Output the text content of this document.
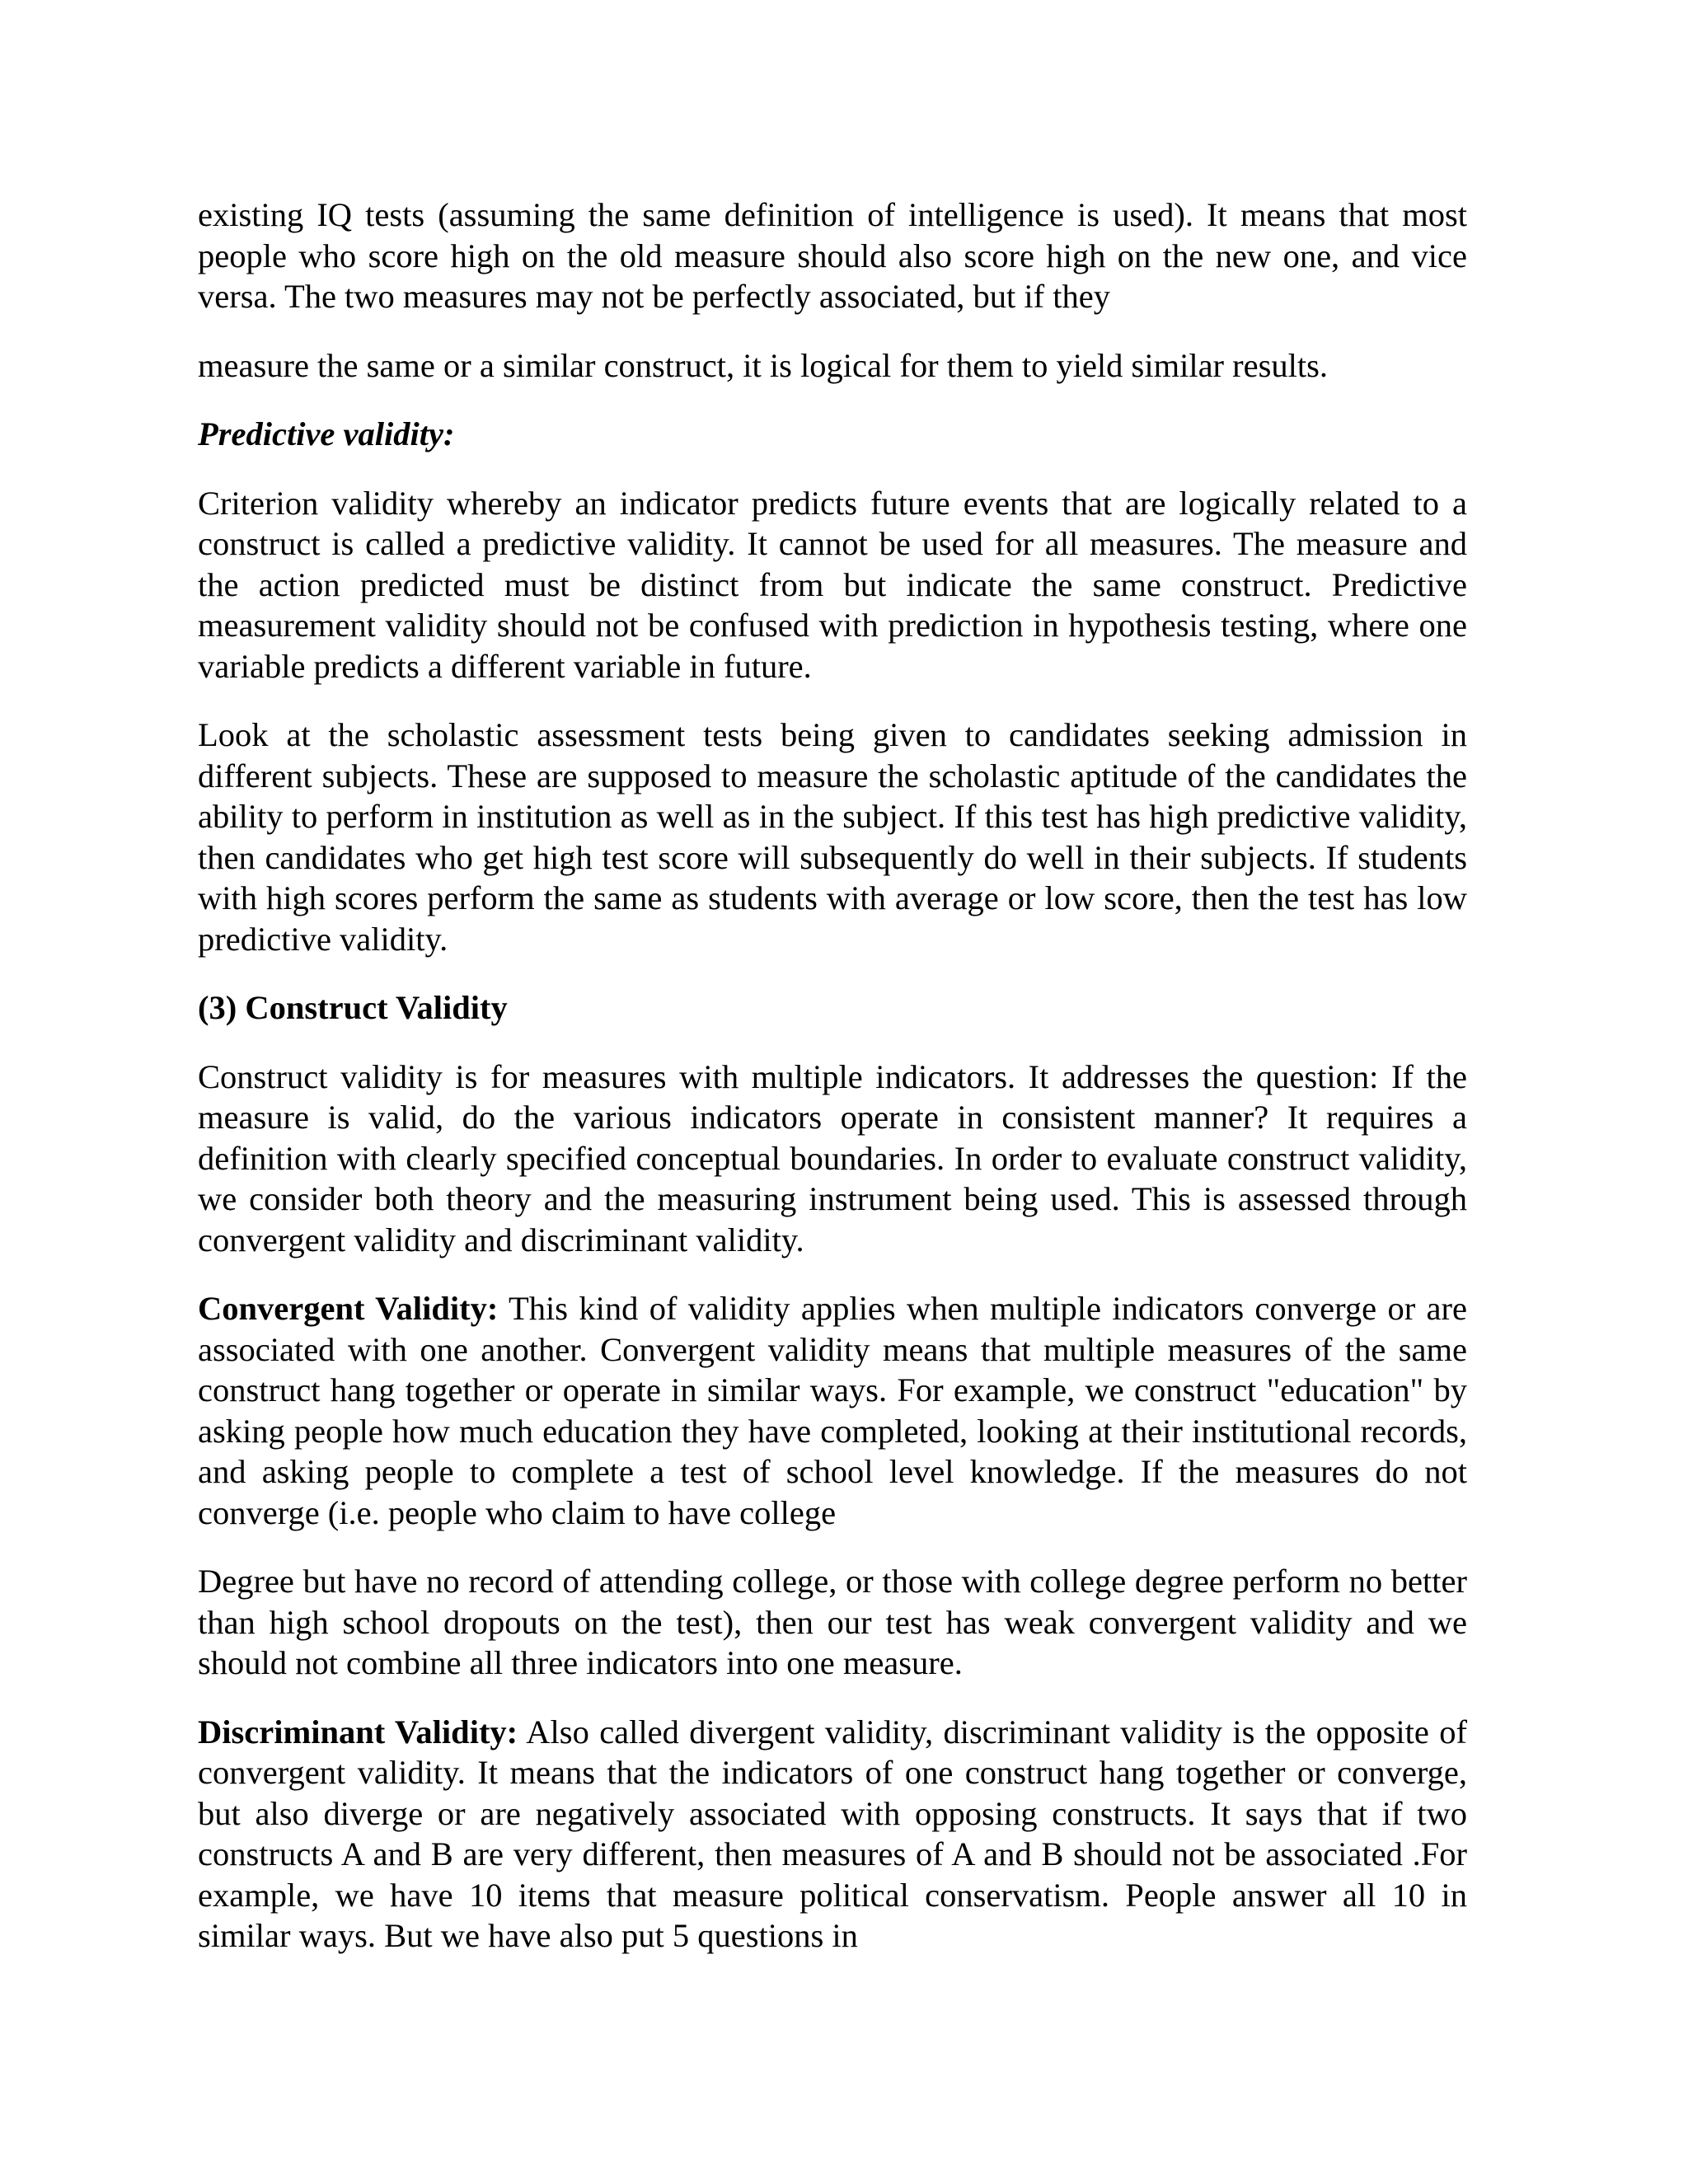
existing IQ tests (assuming the same definition of intelligence is used). It means that most people who score high on the old measure should also score high on the new one, and vice versa. The two measures may not be perfectly associated, but if they

measure the same or a similar construct, it is logical for them to yield similar results.

Predictive validity:

Criterion validity whereby an indicator predicts future events that are logically related to a construct is called a predictive validity. It cannot be used for all measures. The measure and the action predicted must be distinct from but indicate the same construct. Predictive measurement validity should not be confused with prediction in hypothesis testing, where one variable predicts a different variable in future.

Look at the scholastic assessment tests being given to candidates seeking admission in different subjects. These are supposed to measure the scholastic aptitude of the candidates the ability to perform in institution as well as in the subject. If this test has high predictive validity, then candidates who get high test score will subsequently do well in their subjects. If students with high scores perform the same as students with average or low score, then the test has low predictive validity.

(3) Construct Validity

Construct validity is for measures with multiple indicators. It addresses the question: If the measure is valid, do the various indicators operate in consistent manner? It requires a definition with clearly specified conceptual boundaries. In order to evaluate construct validity, we consider both theory and the measuring instrument being used. This is assessed through convergent validity and discriminant validity.

Convergent Validity: This kind of validity applies when multiple indicators converge or are associated with one another. Convergent validity means that multiple measures of the same construct hang together or operate in similar ways. For example, we construct "education" by asking people how much education they have completed, looking at their institutional records, and asking people to complete a test of school level knowledge. If the measures do not converge (i.e. people who claim to have college

Degree but have no record of attending college, or those with college degree perform no better than high school dropouts on the test), then our test has weak convergent validity and we should not combine all three indicators into one measure.

Discriminant Validity: Also called divergent validity, discriminant validity is the opposite of convergent validity. It means that the indicators of one construct hang together or converge, but also diverge or are negatively associated with opposing constructs. It says that if two constructs A and B are very different, then measures of A and B should not be associated .For example, we have 10 items that measure political conservatism. People answer all 10 in similar ways. But we have also put 5 questions in
